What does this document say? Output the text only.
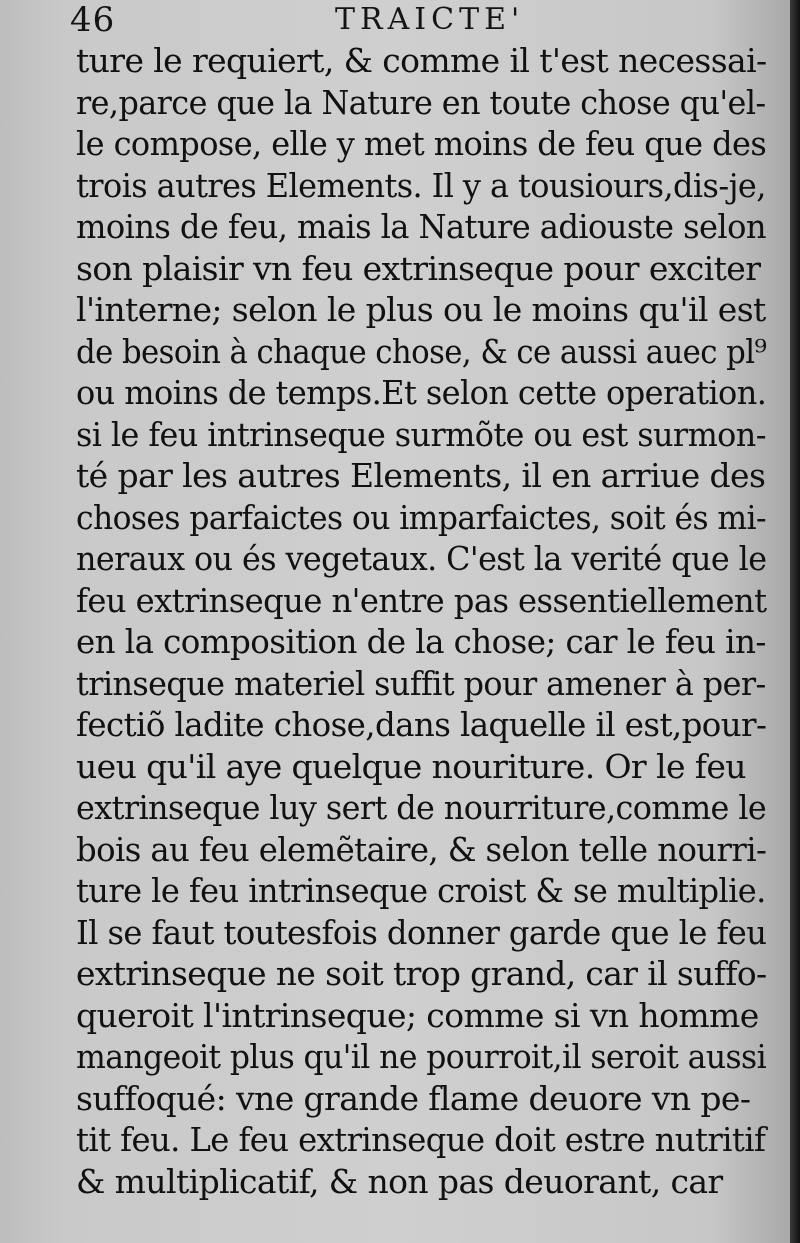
46	TRAICTE'
ture le requiert, & comme il t'est necessai-
re,parce que la Nature en toute chose qu'el-
le compose, elle y met moins de feu que des
trois autres Elements. Il y a tousiours,dis-je,
moins de feu, mais la Nature adiouste selon
son plaisir vn feu extrinseque pour exciter
l'interne; selon le plus ou le moins qu'il est
de besoin à chaque chose, & ce aussi auec pl⁹
ou moins de temps.Et selon cette operation.
si le feu intrinseque surmõte ou est surmon-
té par les autres Elements, il en arriue des
choses parfaictes ou imparfaictes, soit és mi-
neraux ou és vegetaux. C'est la verité que le
feu extrinseque n'entre pas essentiellement
en la composition de la chose; car le feu in-
trinseque materiel suffit pour amener à per-
fectiõ ladite chose,dans laquelle il est,pour-
ueu qu'il aye quelque nouriture. Or le feu
extrinseque luy sert de nourriture,comme le
bois au feu elemẽtaire, & selon telle nourri-
ture le feu intrinseque croist & se multiplie.
Il se faut toutesfois donner garde que le feu
extrinseque ne soit trop grand, car il suffo-
queroit l'intrinseque; comme si vn homme
mangeoit plus qu'il ne pourroit,il seroit aussi
suffoqué: vne grande flame deuore vn pe-
tit feu. Le feu extrinseque doit estre nutritif
& multiplicatif, & non pas deuorant, car
